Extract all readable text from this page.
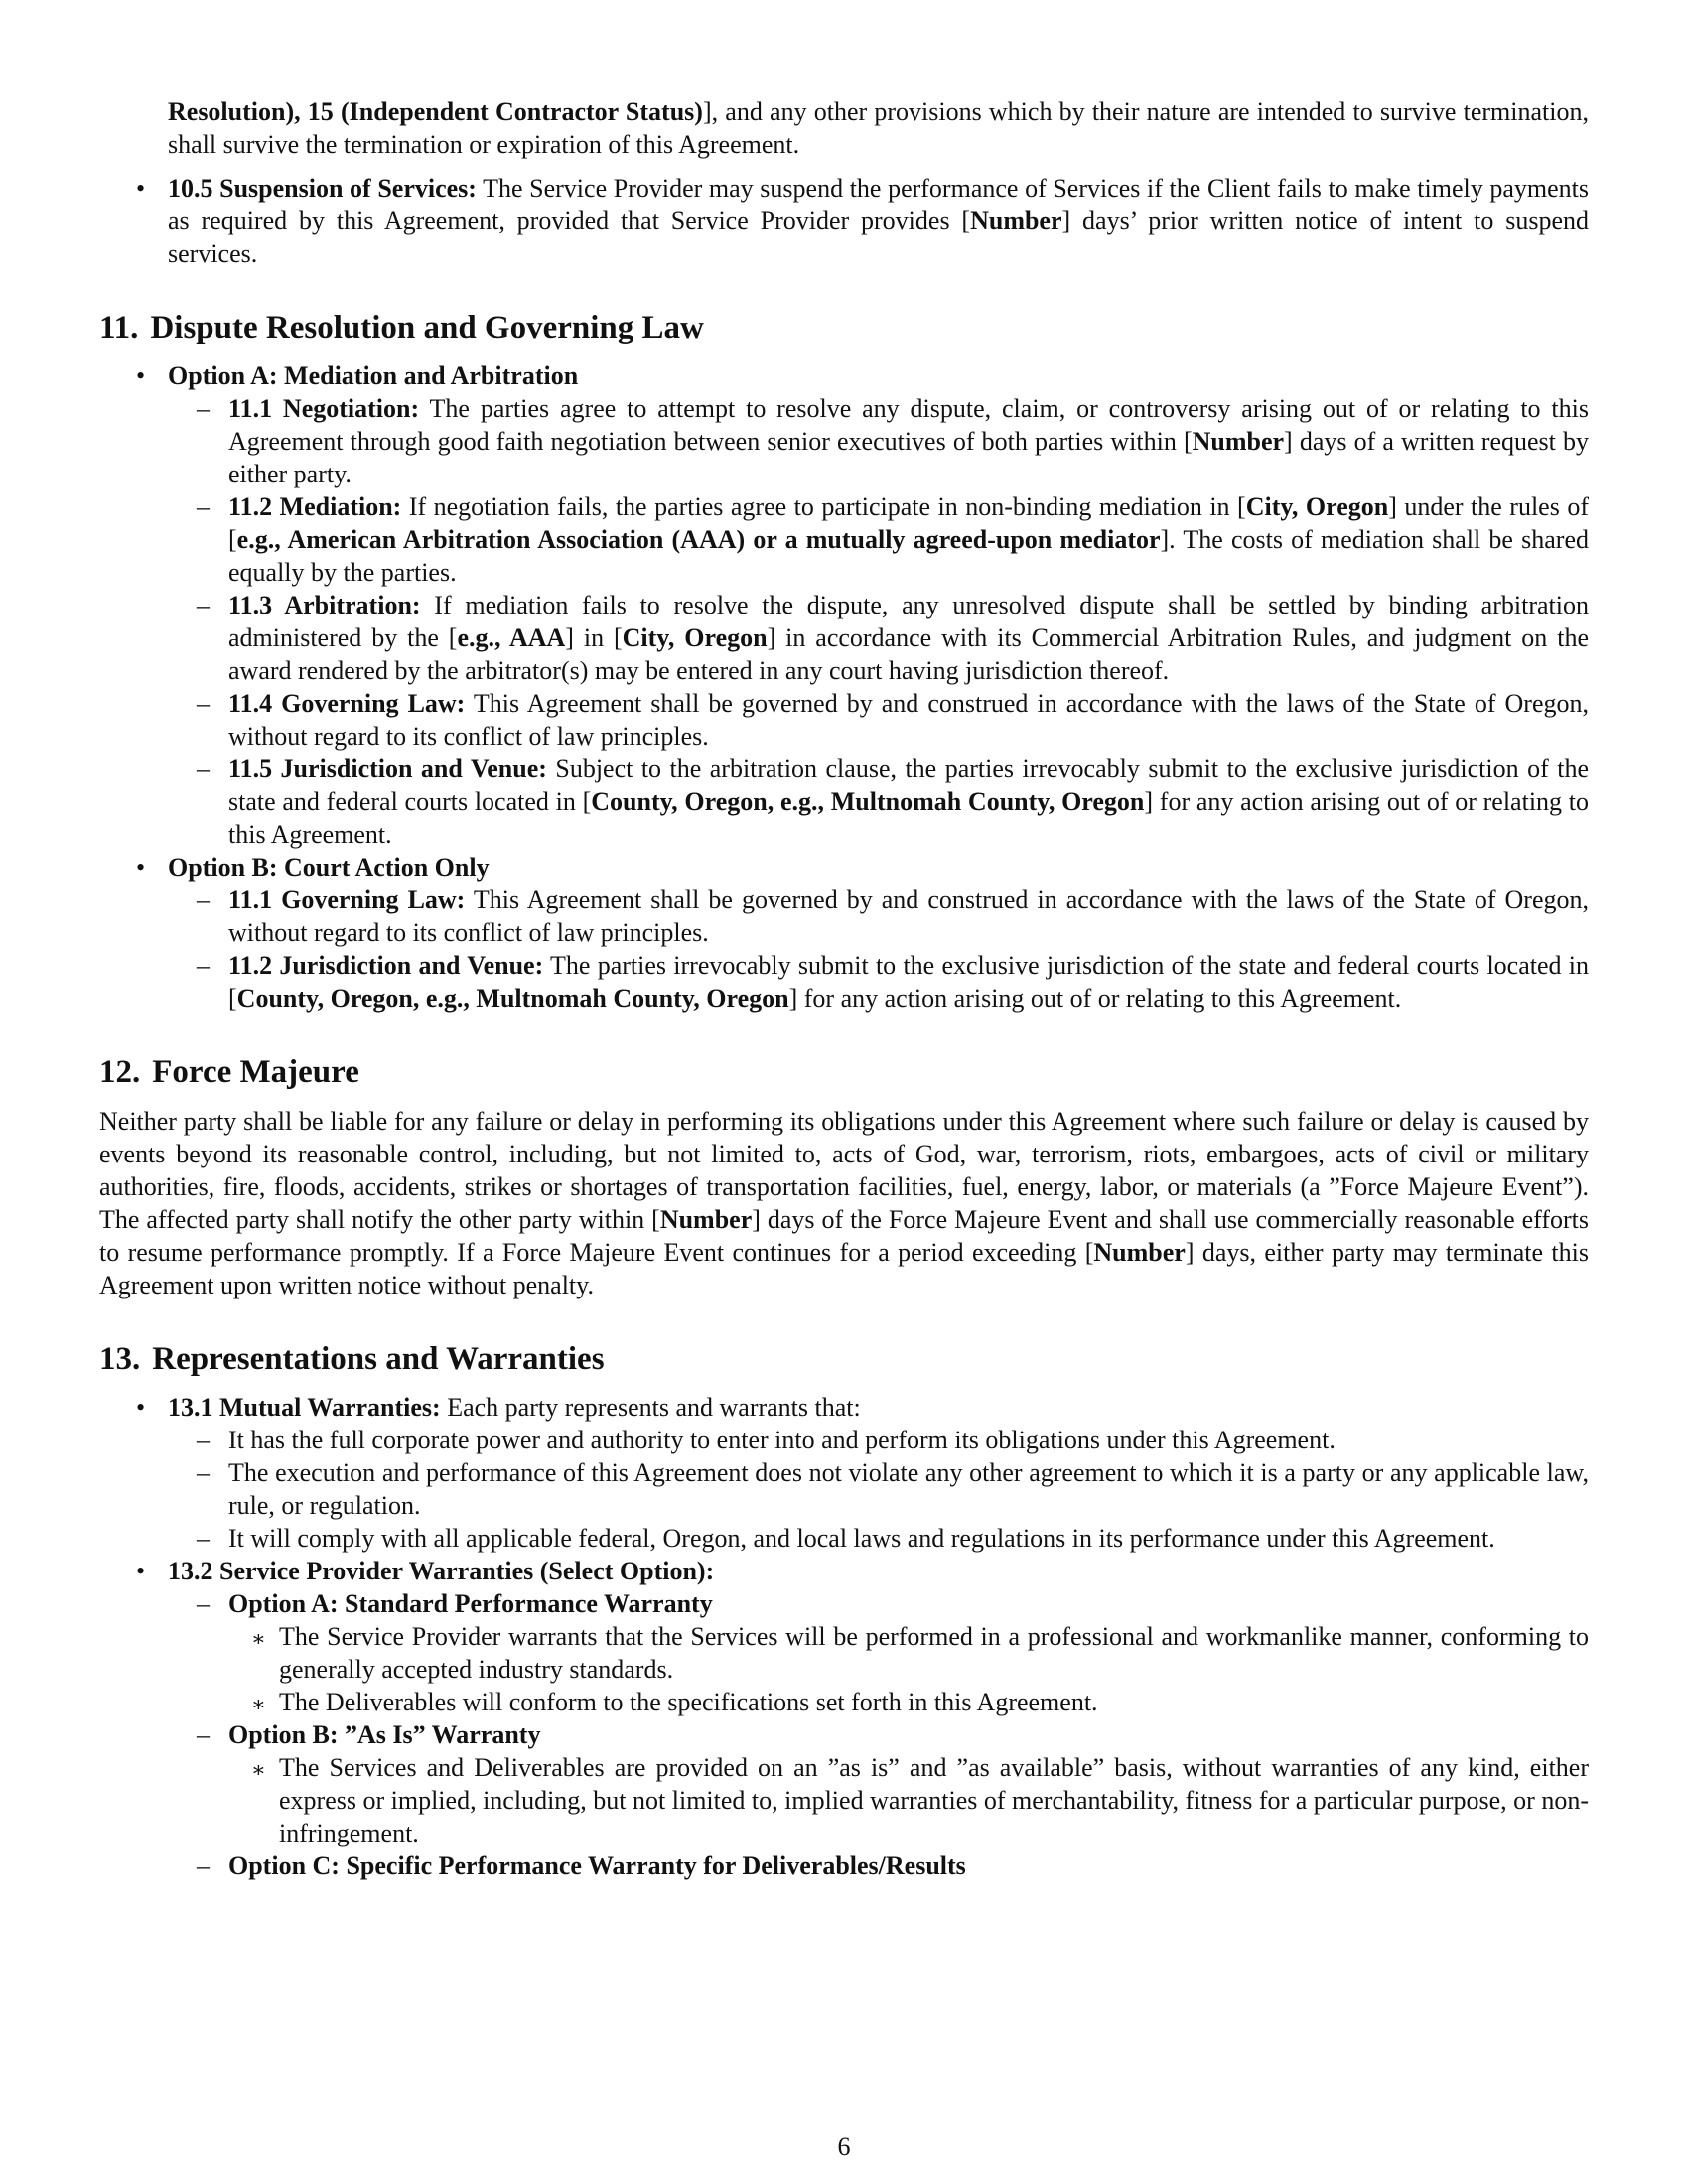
Resolution), 15 (Independent Contractor Status)], and any other provisions which by their nature are intended to survive termination, shall survive the termination or expiration of this Agreement.

• 10.5 Suspension of Services: The Service Provider may suspend the performance of Services if the Client fails to make timely payments as required by this Agreement, provided that Service Provider provides [Number] days’ prior written notice of intent to suspend services.
11. Dispute Resolution and Governing Law
• Option A: Mediation and Arbitration
– 11.1 Negotiation: The parties agree to attempt to resolve any dispute, claim, or controversy arising out of or relating to this Agreement through good faith negotiation between senior executives of both parties within [Number] days of a written request by either party.
– 11.2 Mediation: If negotiation fails, the parties agree to participate in non-binding mediation in [City, Oregon] under the rules of [e.g., American Arbitration Association (AAA) or a mutually agreed-upon mediator]. The costs of mediation shall be shared equally by the parties.
– 11.3 Arbitration: If mediation fails to resolve the dispute, any unresolved dispute shall be settled by binding arbitration administered by the [e.g., AAA] in [City, Oregon] in accordance with its Commercial Arbitration Rules, and judgment on the award rendered by the arbitrator(s) may be entered in any court having jurisdiction thereof.
– 11.4 Governing Law: This Agreement shall be governed by and construed in accordance with the laws of the State of Oregon, without regard to its conflict of law principles.
– 11.5 Jurisdiction and Venue: Subject to the arbitration clause, the parties irrevocably submit to the exclusive jurisdiction of the state and federal courts located in [County, Oregon, e.g., Multnomah County, Oregon] for any action arising out of or relating to this Agreement.
• Option B: Court Action Only
– 11.1 Governing Law: This Agreement shall be governed by and construed in accordance with the laws of the State of Oregon, without regard to its conflict of law principles.
– 11.2 Jurisdiction and Venue: The parties irrevocably submit to the exclusive jurisdiction of the state and federal courts located in [County, Oregon, e.g., Multnomah County, Oregon] for any action arising out of or relating to this Agreement.
12. Force Majeure

Neither party shall be liable for any failure or delay in performing its obligations under this Agreement where such failure or delay is caused by events beyond its reasonable control, including, but not limited to, acts of God, war, terrorism, riots, embargoes, acts of civil or military authorities, fire, floods, accidents, strikes or shortages of transportation facilities, fuel, energy, labor, or materials (a ”Force Majeure Event”). The affected party shall notify the other party within [Number] days of the Force Majeure Event and shall use commercially reasonable efforts to resume performance promptly. If a Force Majeure Event continues for a period exceeding [Number] days, either party may terminate this Agreement upon written notice without penalty.

13. Representations and Warranties
• 13.1 Mutual Warranties: Each party represents and warrants that:
– It has the full corporate power and authority to enter into and perform its obligations under this Agreement.
– The execution and performance of this Agreement does not violate any other agreement to which it is a party or any applicable law, rule, or regulation.
– It will comply with all applicable federal, Oregon, and local laws and regulations in its performance under this Agreement.
• 13.2 Service Provider Warranties (Select Option):
– Option A: Standard Performance Warranty
∗ The Service Provider warrants that the Services will be performed in a professional and workmanlike manner, conforming to generally accepted industry standards.
∗ The Deliverables will conform to the specifications set forth in this Agreement.
– Option B: ”As Is” Warranty
∗ The Services and Deliverables are provided on an ”as is” and ”as available” basis, without warranties of any kind, either express or implied, including, but not limited to, implied warranties of merchantability, fitness for a particular purpose, or non-infringement.
– Option C: Specific Performance Warranty for Deliverables/Results
6
